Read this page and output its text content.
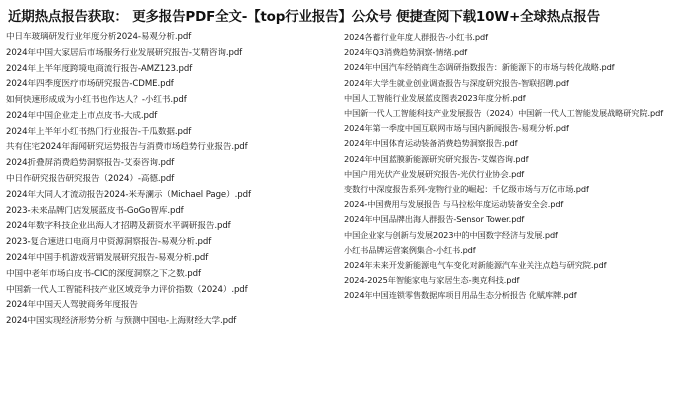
近期热点报告获取： 更多报告PDF全文-【top行业报告】公众号 便捷查阅下载10W+全球热点报告
中日车玻璃研发行业年度分析2024-易观分析.pdf
2024年中国大家居后市场服务行业发展研究报告-艾精咨询.pdf
2024年上半年度跨境电商流行报告-AMZ123.pdf
2024年四季度医疗市场研究报告-CDME.pdf
如何快速形成成为小红书也作达人？-小红书.pdf
2024年中国企业走上市点皮书-大成.pdf
2024年上半年小红书热门行业报告-千瓜数据.pdf
共有住宅2024年海闻研究运势报告与消费市场趋势行业报告.pdf
2024折叠屏消费趋势洞察报告-艾泰咨询.pdf
中日作研究报告研究报告（2024）-高德.pdf
2024年大同人才流动报告2024-米寿澜示（Michael Page）.pdf
2023-未来品牌门店发展蓝皮书-GoGo智库.pdf
2024年数字科技企业出海人才招聘及薪资水平调研报告.pdf
2023-复合速进口电商月中资源洞察报告-易观分析.pdf
2024年中国手机游戏营销发展研究报告-易观分析.pdf
中国中老年市场白皮书-CIC的深度洞察之下之数.pdf
中国新一代人工智能科技产业区域竞争力评价指数（2024）.pdf
2024年中国天人驾驶商务年度报告
2024中国实现经济形势分析 与预测中国电-上海财经大学.pdf
2024各蓄行业年度人群报告-小红书.pdf
2024年Q3消费趋势洞察-情绪.pdf
2024年中国汽车经销商生态调研指数报告：新能源下的市场与转化战略.pdf
2024年大学生就业创业调查报告与深度研究报告-智联招聘.pdf
中国人工智能行业发展蓝皮图表2023年度分析.pdf
中国新一代人工智能科技产业发展报告（2024）中国新一代人工智能发展战略研究院.pdf
2024年第一季度中国互联网市场与国内新闻报告-易观分析.pdf
2024年中国体育运动装备消费趋势洞察报告.pdf
2024年中国蓝膜新能源研究研究报告-艾媒咨询.pdf
中国户用光伏产业发展研究报告-光伏行业协会.pdf
变数行中深度报告系列-宠物行业的崛起：千亿级市场与万亿市场.pdf
2024-中国费用与发展报告 与马拉松年度运动装备安全会.pdf
2024年中国品牌出海人群报告-Sensor Tower.pdf
中国企业家与创新与发展2023中的中国数字经济与发展.pdf
小红书品牌运营案例集合-小红书.pdf
2024年未来开发新能源电气车变化对新能源汽车业关注点趋与研究院.pdf
2024-2025年智能家电与家居生态-奥克科技.pdf
2024年中国连锁零售数据库项目用品生态分析报告 化赋库牌.pdf
